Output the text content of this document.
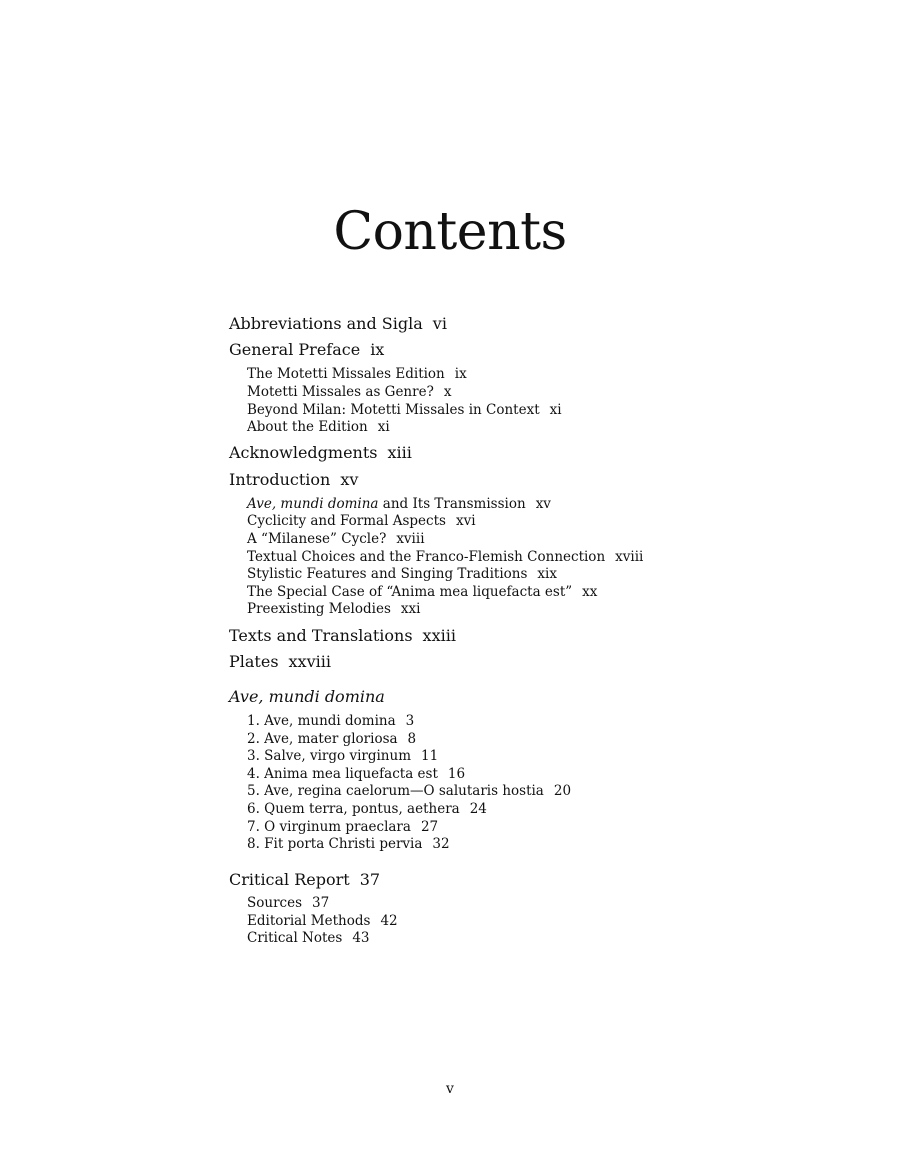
Contents
Abbreviations and Sigla vi
General Preface ix
The Motetti Missales Edition ix
Motetti Missales as Genre? x
Beyond Milan: Motetti Missales in Context xi
About the Edition xi
Acknowledgments xiii
Introduction xv
Ave, mundi domina and Its Transmission xv
Cyclicity and Formal Aspects xvi
A “Milanese” Cycle? xviii
Textual Choices and the Franco-Flemish Connection xviii
Stylistic Features and Singing Traditions xix
The Special Case of “Anima mea liquefacta est” xx
Preexisting Melodies xxi
Texts and Translations xxiii
Plates xxviii
Ave, mundi domina
1. Ave, mundi domina 3
2. Ave, mater gloriosa 8
3. Salve, virgo virginum 11
4. Anima mea liquefacta est 16
5. Ave, regina caelorum—O salutaris hostia 20
6. Quem terra, pontus, aethera 24
7. O virginum praeclara 27
8. Fit porta Christi pervia 32
Critical Report 37
Sources 37
Editorial Methods 42
Critical Notes 43
v
